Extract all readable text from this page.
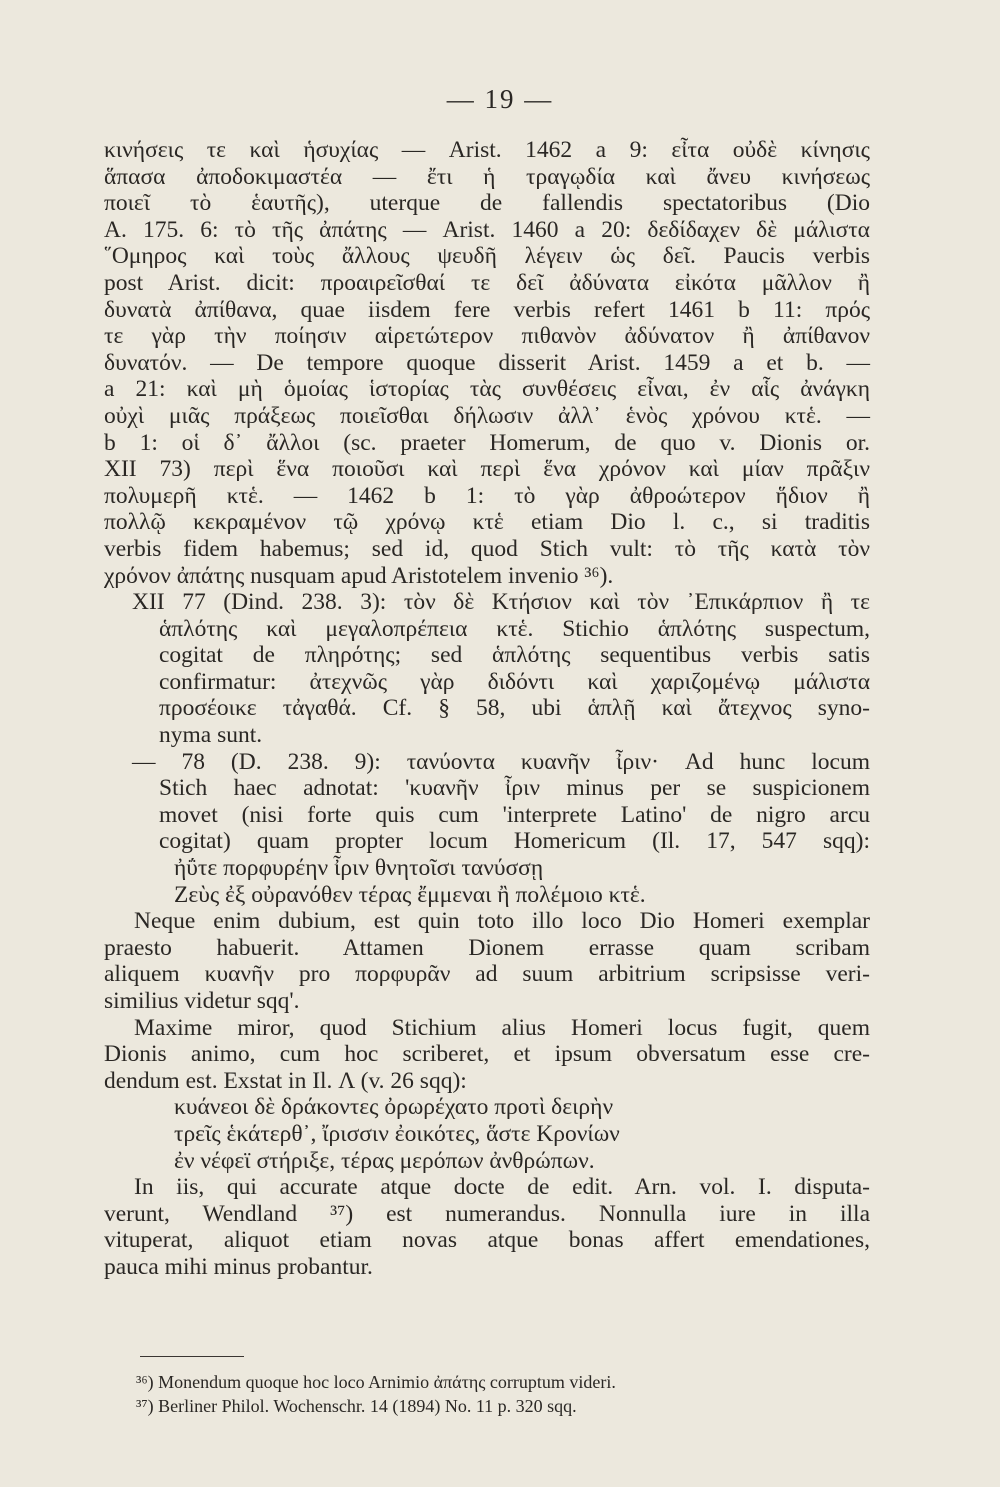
— 19 —
κινήσεις τε καὶ ἡσυχίας — Arist. 1462 a 9: εἶτα οὐδὲ κίνησις
ἅπασα ἀποδοκιμαστέα — ἔτι ἡ τραγῳδία καὶ ἄνευ κινήσεως
ποιεῖ τὸ ἑαυτῆς), uterque de fallendis spectatoribus (Dio
A. 175. 6: τὸ τῆς ἀπάτης — Arist. 1460 a 20: δεδίδαχεν δὲ μάλιστα
῞Ομηρος καὶ τοὺς ἄλλους ψευδῆ λέγειν ὡς δεῖ. Paucis verbis
post Arist. dicit: προαιρεῖσθαί τε δεῖ ἀδύνατα εἰκότα μᾶλλον ἢ
δυνατὰ ἀπίθανα, quae iisdem fere verbis refert 1461 b 11: πρός
τε γὰρ τὴν ποίησιν αἱρετώτερον πιθανὸν ἀδύνατον ἢ ἀπίθανον
δυνατόν. — De tempore quoque disserit Arist. 1459 a et b. —
a 21: καὶ μὴ ὁμοίας ἱστορίας τὰς συνθέσεις εἶναι, ἐν αἷς ἀνάγκη
οὐχὶ μιᾶς πράξεως ποιεῖσθαι δήλωσιν ἀλλ᾽ ἑνὸς χρόνου κτἑ. —
b 1: οἱ δ᾽ ἄλλοι (sc. praeter Homerum, de quo v. Dionis or.
XII 73) περὶ ἕνα ποιοῦσι καὶ περὶ ἕνα χρόνον καὶ μίαν πρᾶξιν
πολυμερῆ κτἑ. — 1462 b 1: τὸ γὰρ ἀθροώτερον ἥδιον ἢ
πολλῷ κεκραμένον τῷ χρόνῳ κτἑ etiam Dio l. c., si traditis
verbis fidem habemus; sed id, quod Stich vult: τὸ τῆς κατὰ τὸν
χρόνον ἀπάτης nusquam apud Aristotelem invenio ³⁶).
XII 77 (Dind. 238. 3): τὸν δὲ Κτήσιον καὶ τὸν ᾿Επικάρπιον ἢ τε
ἁπλότης καὶ μεγαλοπρέπεια κτἑ. Stichio ἁπλότης suspectum,
cogitat de πληρότης; sed ἁπλότης sequentibus verbis satis
confirmatur: ἀτεχνῶς γὰρ διδόντι καὶ χαριζομένῳ μάλιστα
προσέοικε τἀγαθά. Cf. § 58, ubi ἁπλῇ καὶ ἄτεχνος syno-
nyma sunt.
— 78 (D. 238. 9): τανύοντα κυανῆν ἶριν· Ad hunc locum
Stich haec adnotat: 'κυανῆν ἶριν minus per se suspicionem
movet (nisi forte quis cum 'interprete Latino' de nigro arcu
cogitat) quam propter locum Homericum (Il. 17, 547 sqq):
ἠΰτε πορφυρέην ἶριν θνητοῖσι τανύσσῃ
Ζεὺς ἐξ οὐρανόθεν τέρας ἔμμεναι ἢ πολέμοιο κτἑ.
Neque enim dubium, est quin toto illo loco Dio Homeri exemplar
praesto habuerit. Attamen Dionem errasse quam scribam
aliquem κυανῆν pro πορφυρᾶν ad suum arbitrium scripsisse veri-
similius videtur sqq'.
Maxime miror, quod Stichium alius Homeri locus fugit, quem
Dionis animo, cum hoc scriberet, et ipsum obversatum esse cre-
dendum est. Exstat in Il. Λ (v. 26 sqq):
κυάνεοι δὲ δράκοντες ὀρωρέχατο προτὶ δειρὴν
τρεῖς ἑκάτερθ᾽, ἴρισσιν ἐοικότες, ἅστε Κρονίων
ἐν νέφεϊ στήριξε, τέρας μερόπων ἀνθρώπων.
In iis, qui accurate atque docte de edit. Arn. vol. I. disputa-
verunt, Wendland ³⁷) est numerandus. Nonnulla iure in illa
vituperat, aliquot etiam novas atque bonas affert emendationes,
pauca mihi minus probantur.
³⁶) Monendum quoque hoc loco Arnimio ἀπάτης corruptum videri.
³⁷) Berliner Philol. Wochenschr. 14 (1894) No. 11 p. 320 sqq.
